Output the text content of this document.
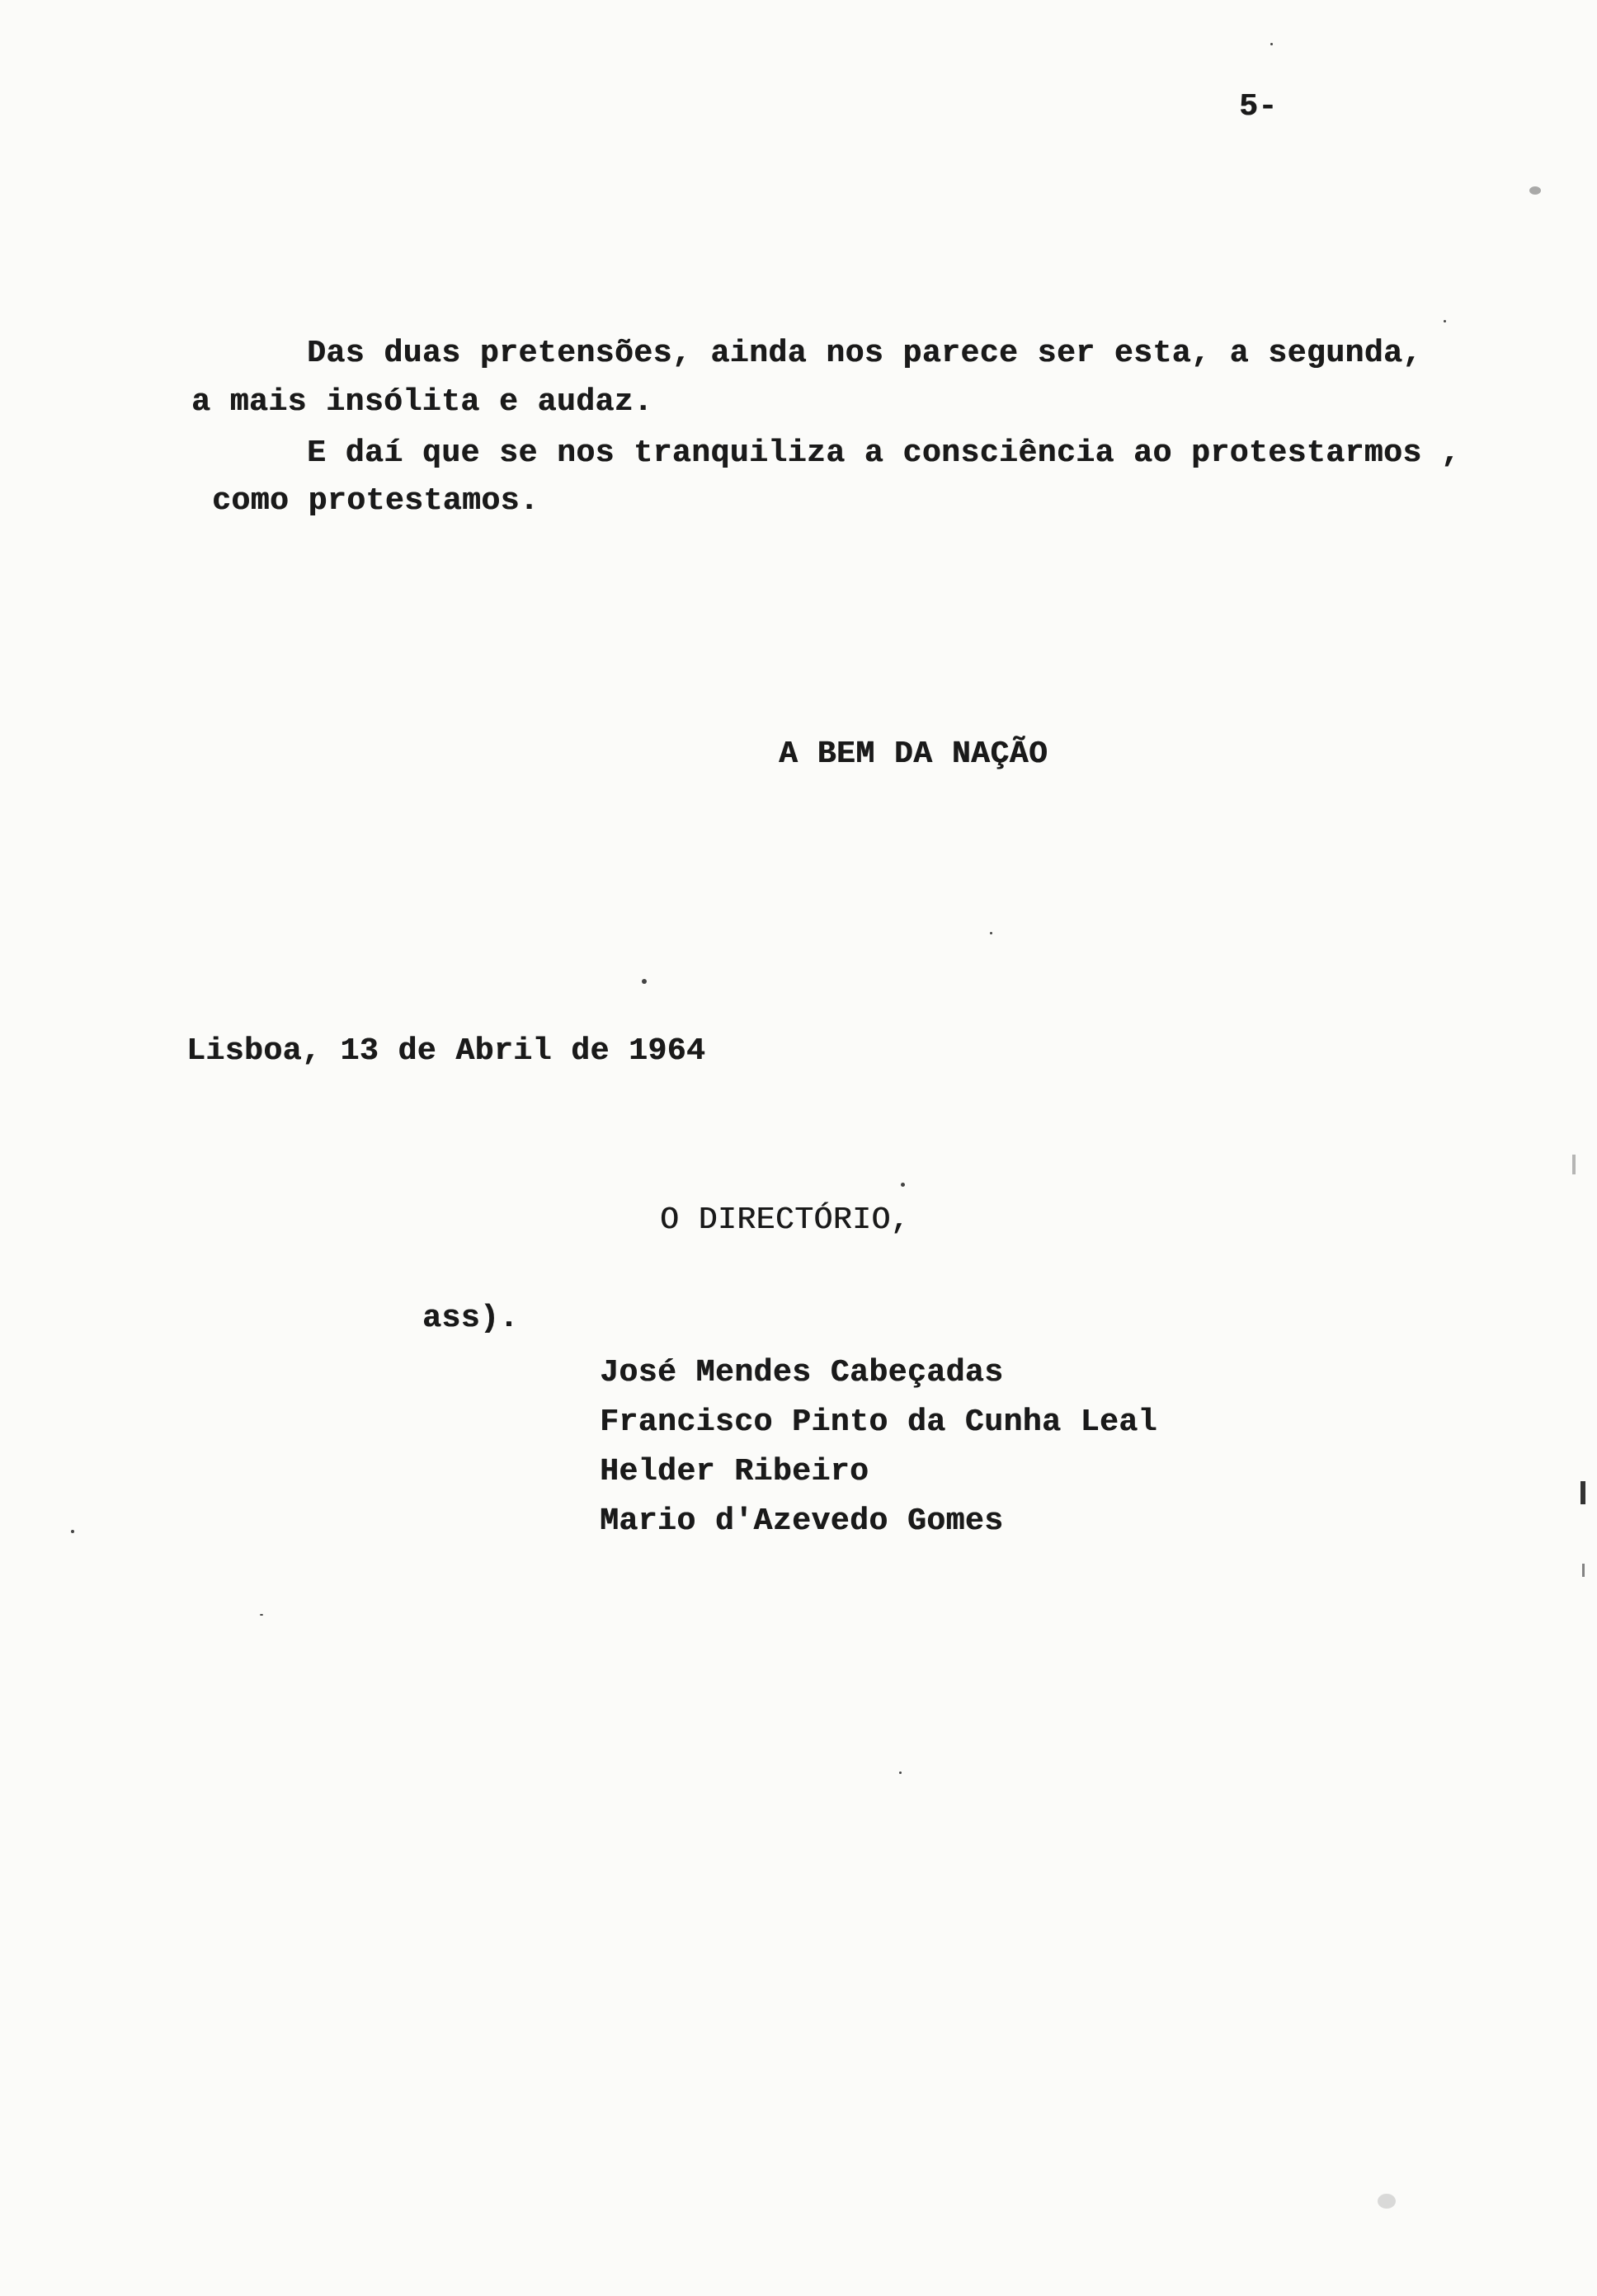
5-
Das duas pretensões, ainda nos parece ser esta, a segunda,
a mais insólita e audaz.
E daí que se nos tranquiliza a consciência ao protestarmos ,
como protestamos.
A BEM DA NAÇÃO
Lisboa, 13 de Abril de 1964
O DIRECTÓRIO,
ass).
José Mendes Cabeçadas
Francisco Pinto da Cunha Leal
Helder Ribeiro
Mario d'Azevedo Gomes
